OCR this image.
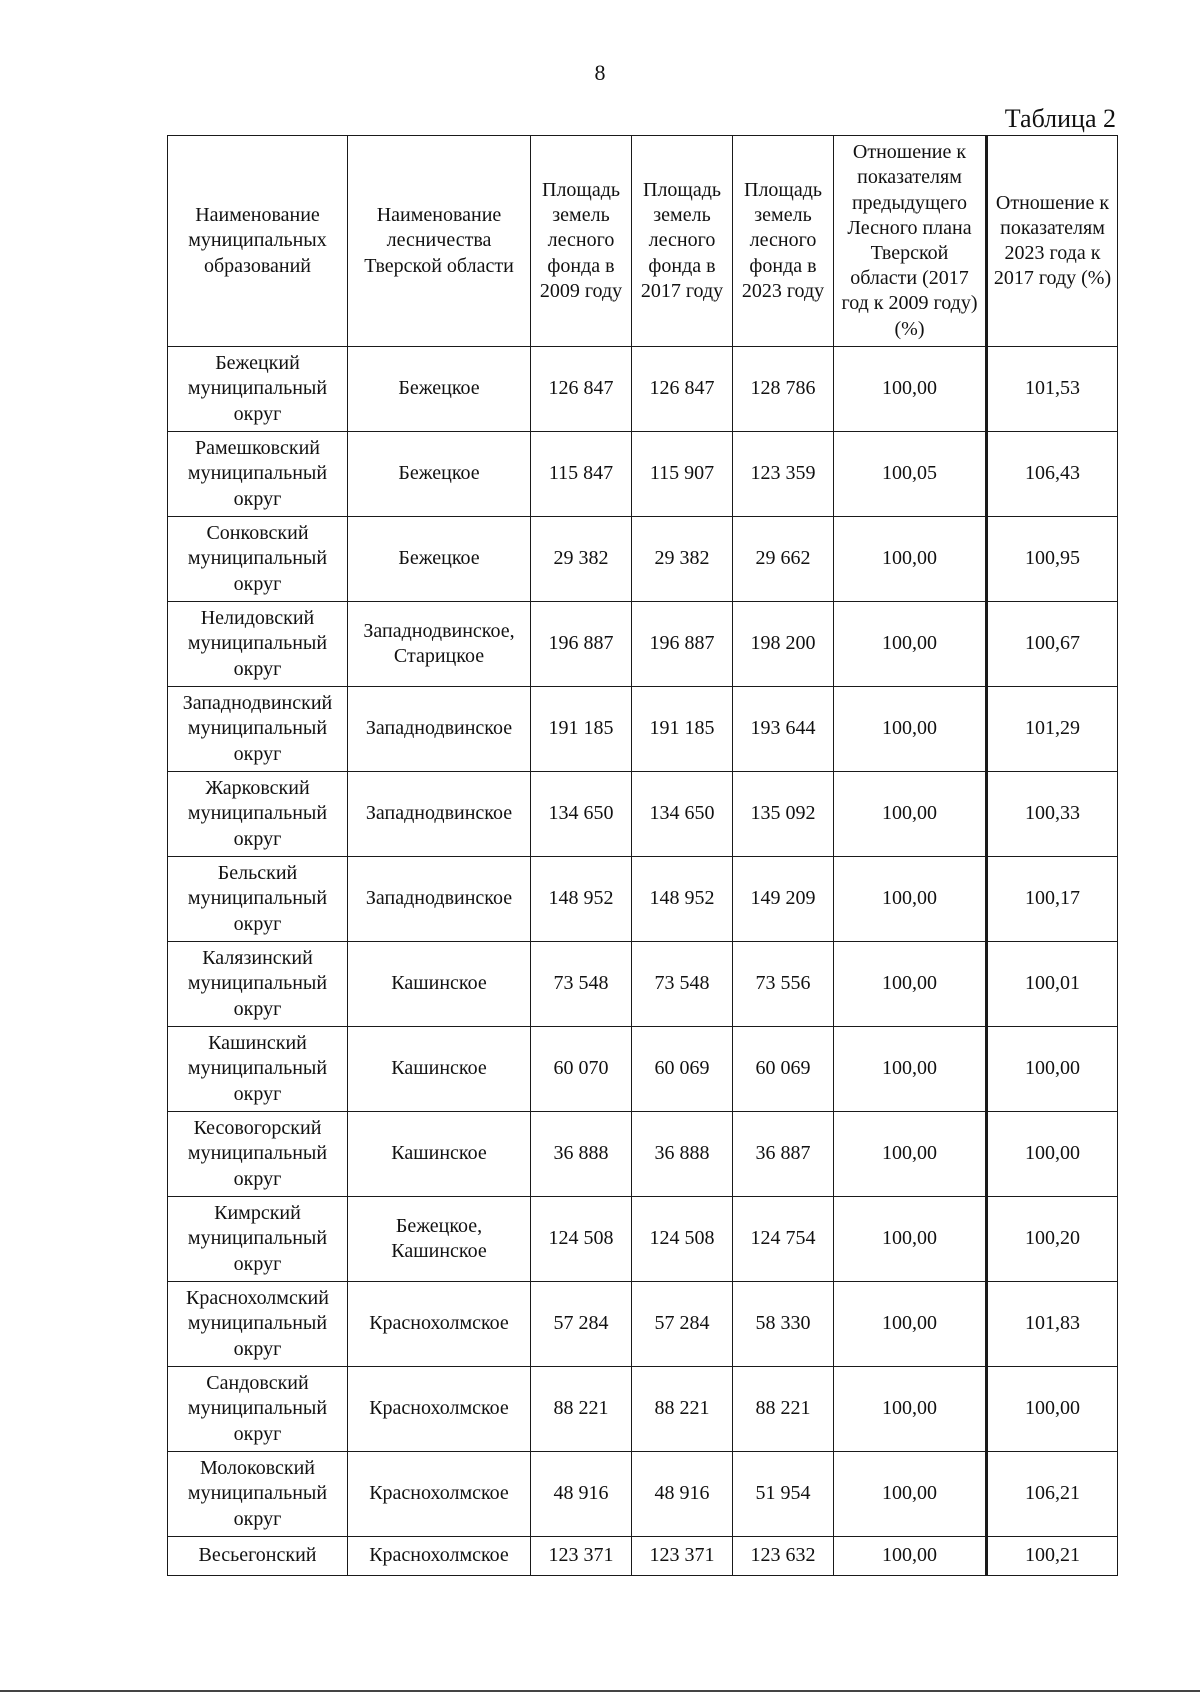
8
Таблица 2
Наименование муниципальных образований	Наименование лесничества Тверской области	Площадь земель лесного фонда в 2009 году	Площадь земель лесного фонда в 2017 году	Площадь земель лесного фонда в 2023 году	Отношение к показателям предыдущего Лесного плана Тверской области (2017 год к 2009 году) (%)	Отношение к показателям 2023 года к 2017 году (%)
Бежецкий муниципальный округ	Бежецкое	126 847	126 847	128 786	100,00	101,53
Рамешковский муниципальный округ	Бежецкое	115 847	115 907	123 359	100,05	106,43
Сонковский муниципальный округ	Бежецкое	29 382	29 382	29 662	100,00	100,95
Нелидовский муниципальный округ	Западнодвинское, Старицкое	196 887	196 887	198 200	100,00	100,67
Западнодвинский муниципальный округ	Западнодвинское	191 185	191 185	193 644	100,00	101,29
Жарковский муниципальный округ	Западнодвинское	134 650	134 650	135 092	100,00	100,33
Бельский муниципальный округ	Западнодвинское	148 952	148 952	149 209	100,00	100,17
Калязинский муниципальный округ	Кашинское	73 548	73 548	73 556	100,00	100,01
Кашинский муниципальный округ	Кашинское	60 070	60 069	60 069	100,00	100,00
Кесовогорский муниципальный округ	Кашинское	36 888	36 888	36 887	100,00	100,00
Кимрский муниципальный округ	Бежецкое, Кашинское	124 508	124 508	124 754	100,00	100,20
Краснохолмский муниципальный округ	Краснохолмское	57 284	57 284	58 330	100,00	101,83
Сандовский муниципальный округ	Краснохолмское	88 221	88 221	88 221	100,00	100,00
Молоковский муниципальный округ	Краснохолмское	48 916	48 916	51 954	100,00	106,21
Весьегонский	Краснохолмское	123 371	123 371	123 632	100,00	100,21
